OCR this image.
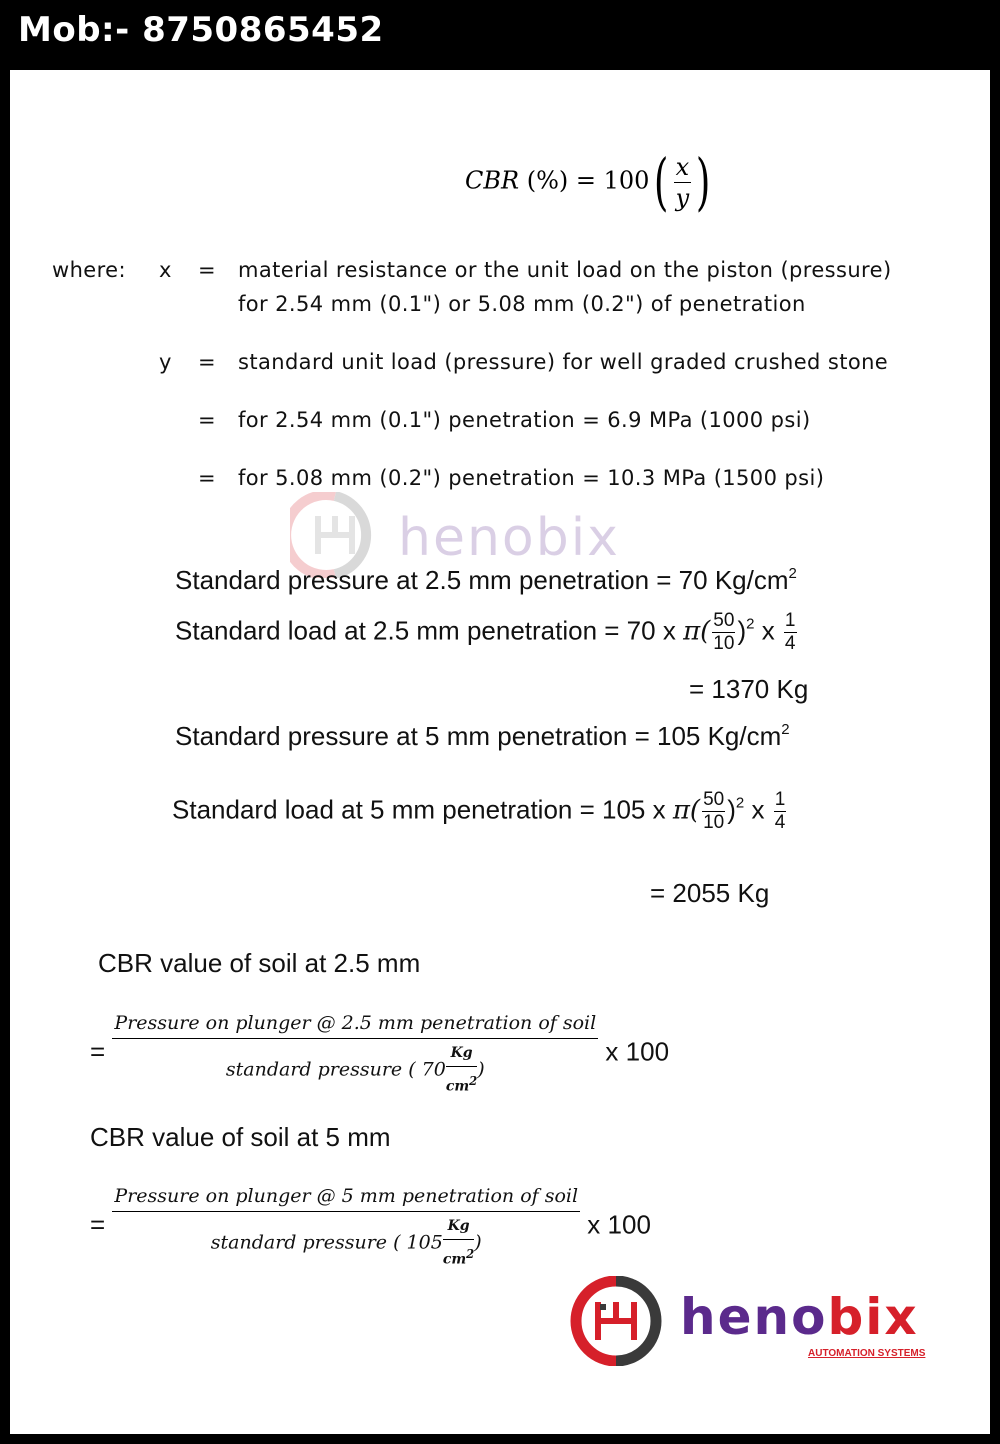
Mob:- 8750865452
CBR (%) = $100( \frac{x}{y}$ )
where: x = material resistance or the unit load on the piston (pressure)
for 2.54 mm (0.1") or 5.08 mm (0.2") of penetration
y = standard unit load (pressure) for well graded crushed stone
= for 2.54 mm (0.1") penetration = 6.9 MPa (1000 psi)
= for 5.08 mm (0.2") penetration = 10.3 MPa (1500 psi)
henobix
Standard pressure at 2.5 mm penetration = 70 $Kg/cm^2$
Standard load at 2.5 mm penetration = 70 x $\pi( \frac{50}{10} )^2$ x $\frac{1}{4}$
= 1370 Kg
Standard pressure at 5 mm penetration = 105 $Kg/cm^2$
Standard load at 5 mm penetration = 105 x $\pi( \frac{50}{10} )^2$ x $\frac{1}{4}$
= 2055 Kg
CBR value of soil at 2.5 mm
= $\frac{\text{Pressure on plunger @ 2.5 mm penetration of soil}}{standard pressure ( 70 \frac{Kg}{cm^2} )}$ x 100
CBR value of soil at 5 mm
= $\frac{\text{Pressure on plunger @ 5 mm penetration of soil}}{standard pressure ( 105 \frac{Kg}{cm^2} )}$ x 100
henobix
AUTOMATION SYSTEMS
